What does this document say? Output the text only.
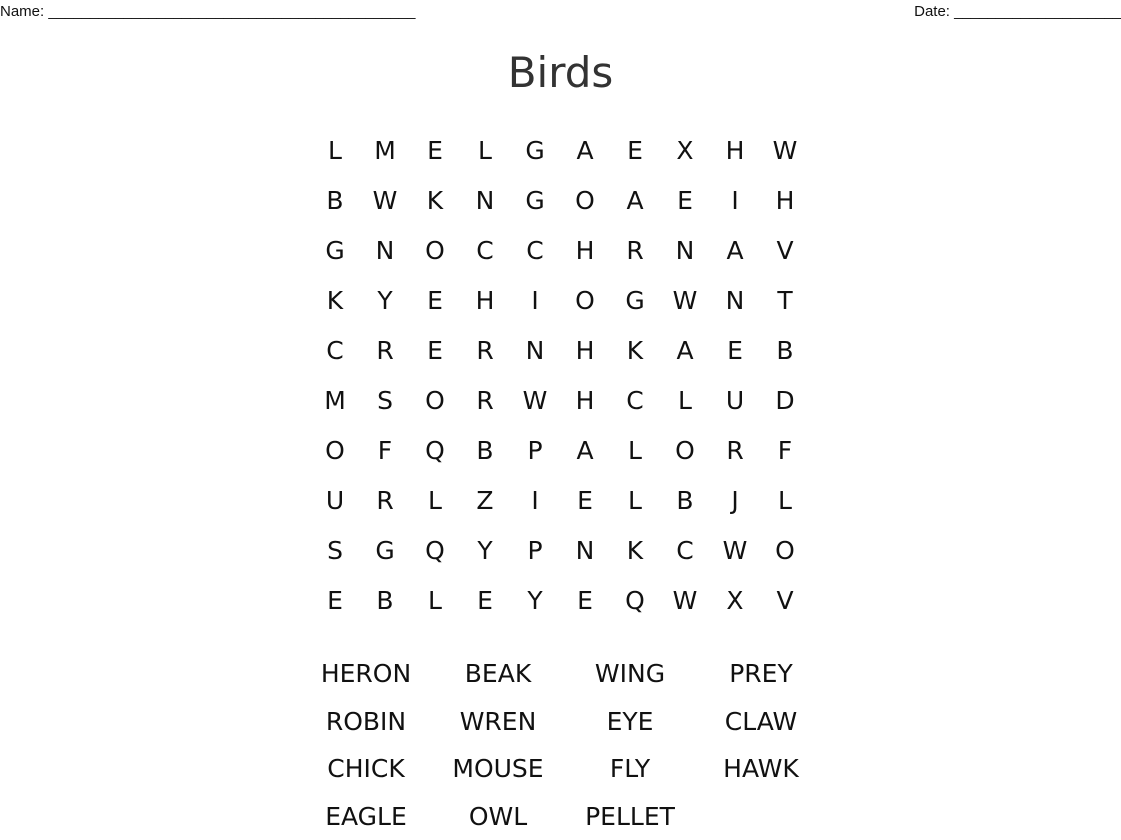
Name: ____________________________________________	Date: ____________________
Birds
L	M	E	L	G	A	E	X	H	W
B	W	K	N	G	O	A	E	I	H
G	N	O	C	C	H	R	N	A	V
K	Y	E	H	I	O	G	W	N	T
C	R	E	R	N	H	K	A	E	B
M	S	O	R	W	H	C	L	U	D
O	F	Q	B	P	A	L	O	R	F
U	R	L	Z	I	E	L	B	J	L
S	G	Q	Y	P	N	K	C	W	O
E	B	L	E	Y	E	Q	W	X	V
HERON	BEAK	WING	PREY
ROBIN	WREN	EYE	CLAW
CHICK	MOUSE	FLY	HAWK
EAGLE	OWL	PELLET
